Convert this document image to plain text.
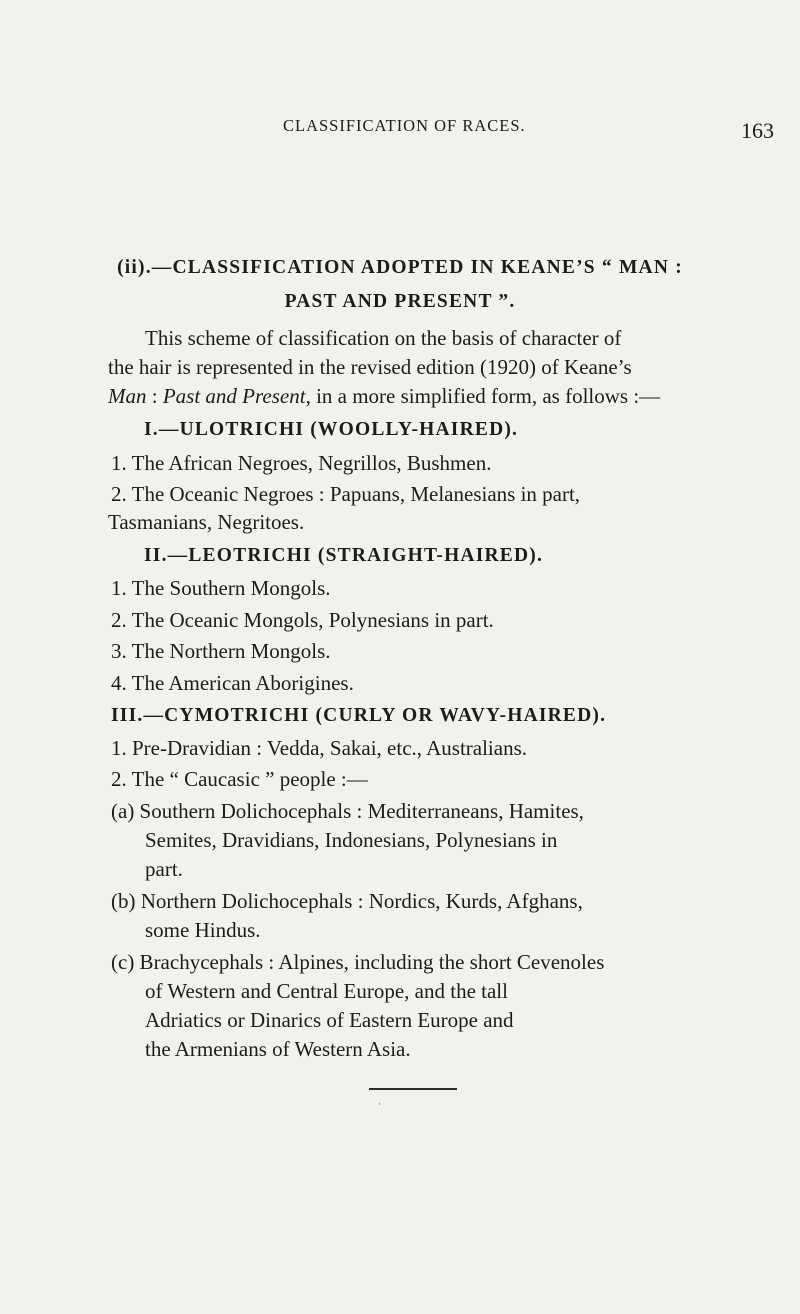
CLASSIFICATION OF RACES.	163
(ii).—CLASSIFICATION ADOPTED IN KEANE’S “ MAN :
PAST AND PRESENT ”.
This scheme of classification on the basis of character of
the hair is represented in the revised edition (1920) of Keane’s
Man : Past and Present, in a more simplified form, as follows :—
I.—ULOTRICHI (WOOLLY-HAIRED).
1. The African Negroes, Negrillos, Bushmen.
2. The Oceanic Negroes : Papuans, Melanesians in part,
Tasmanians, Negritoes.
II.—LEOTRICHI (STRAIGHT-HAIRED).
1. The Southern Mongols.
2. The Oceanic Mongols, Polynesians in part.
3. The Northern Mongols.
4. The American Aborigines.
III.—CYMOTRICHI (CURLY OR WAVY-HAIRED).
1. Pre-Dravidian : Vedda, Sakai, etc., Australians.
2. The “ Caucasic ” people :—
(a) Southern Dolichocephals : Mediterraneans, Hamites,
Semites, Dravidians, Indonesians, Polynesians in
part.
(b) Northern Dolichocephals : Nordics, Kurds, Afghans,
some Hindus.
(c) Brachycephals : Alpines, including the short Cevenoles
of Western and Central Europe, and the tall
Adriatics or Dinarics of Eastern Europe and
the Armenians of Western Asia.
·
